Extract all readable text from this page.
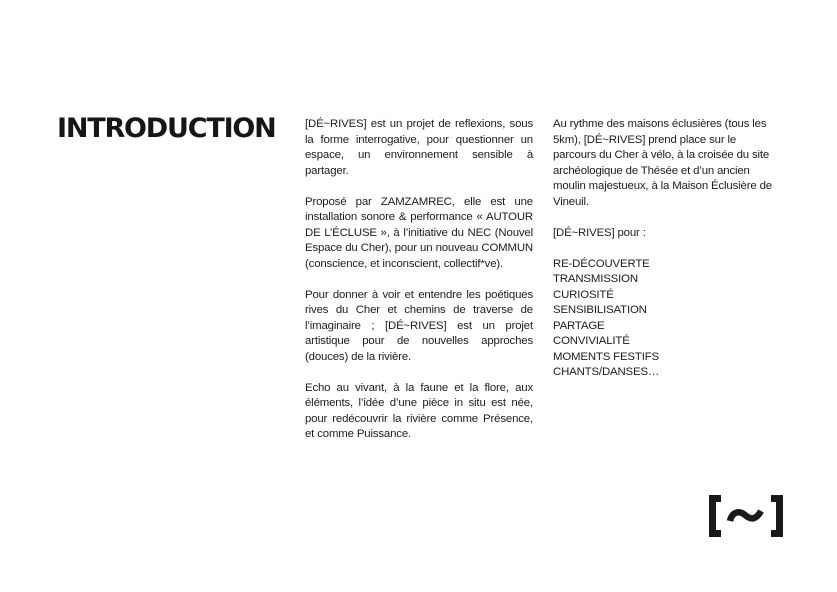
INTRODUCTION	[DÉ~RIVES] est un projet de reflexions, sous la forme interrogative, pour questionner un espace, un environnement sensible à partager.

Proposé par ZAMZAMREC, elle est une installation sonore & performance « AUTOUR DE L’ÉCLUSE », à l’initiative du NEC (Nouvel Espace du Cher), pour un nouveau COMMUN (conscience, et inconscient, collectif*ve).

Pour donner à voir et entendre les poétiques rives du Cher et chemins de traverse de l’imaginaire ; [DÉ~RIVES] est un projet artistique pour de nouvelles approches (douces) de la rivière.

Echo au vivant, à la faune et la flore, aux éléments, l’idée d’une pièce in situ est née, pour redécouvrir la rivière comme Présence, et comme Puissance.

Au rythme des maisons éclusières (tous les 5km), [DÉ~RIVES] prend place sur le parcours du Cher à vélo, à la croisée du site archéologique de Thésée et d’un ancien moulin majestueux, à la Maison Éclusière de Vineuil.

[DÉ~RIVES] pour :

RE-DÉCOUVERTE
TRANSMISSION
CURIOSITÉ
SENSIBILISATION
PARTAGE
CONVIVIALITÉ
MOMENTS FESTIFS
CHANTS/DANSES…
